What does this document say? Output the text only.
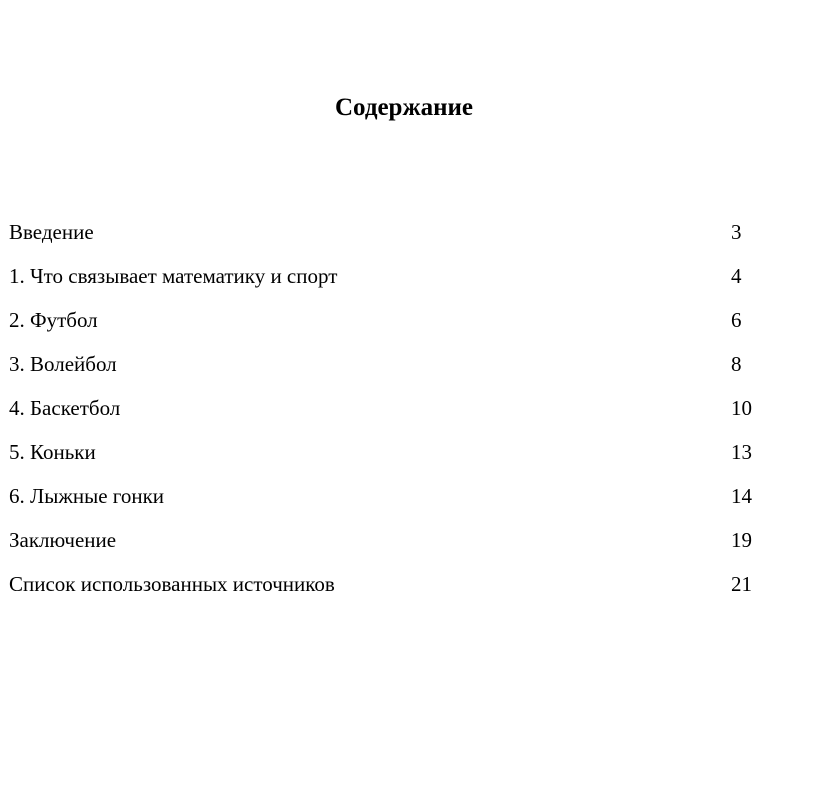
Содержание
Введение	3
1. Что связывает математику и спорт	4
2. Футбол	6
3. Волейбол	8
4. Баскетбол	10
5. Коньки	13
6. Лыжные гонки	14
Заключение	19
Список использованных источников	21
